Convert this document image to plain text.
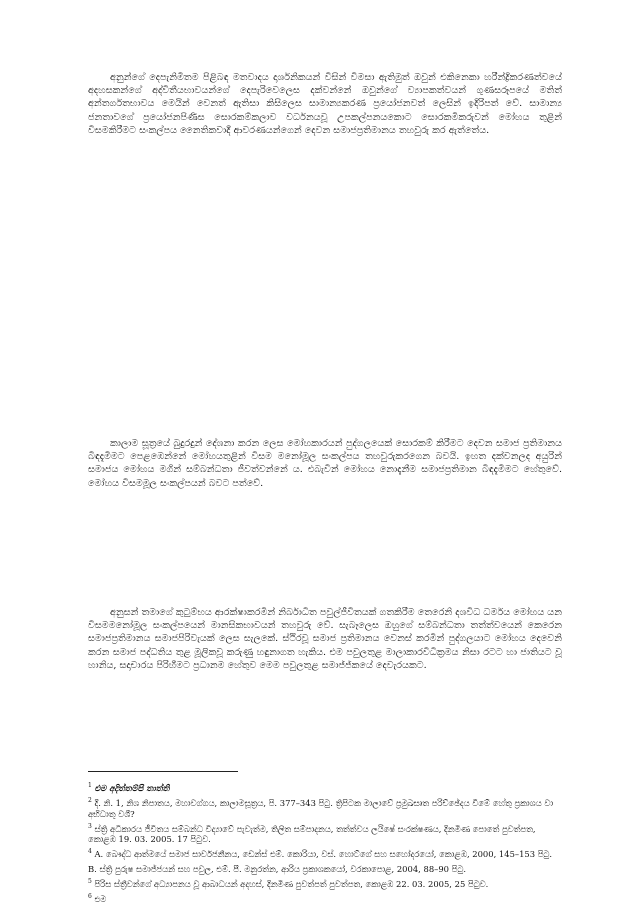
අනුන්ගේ දෙපැනිමිතම පිළිබඳ මතවාදය දාර්ශනිකයන් විසින් විමසා ඇතිමුත් ඔවුන් එකිනෙකා හරීන්ද්‍රිකරණත්වයේ අදහසකන්ගේ අද්විතීයභාවයන්ගේ දෙපැරිවෙලෙස දක්වන්නේ ඔවුන්ගේ ව්‍යාපකත්වයන් ගුණසරූපයේ මතිත් අන්තර්ගතභාවය මෙයින් වෙනත් ඇතිසා කිසිලෙස සාමාන්‍යකරණ ප්‍රයෝජනවත් ලෙසින් ඉදිරිපත් වේ. සාමාන්‍ය ජනතාවගේ ප්‍රයෝජනපිණිස සොරකම්කලාව වර්ධනයවූ උපකල්පනයකොට සොරකමිකරුවන් මෝහය තුළින් විසමකිරීමට සංකල්පය නෛතිකවාදී ආවරණයන්ගෙන් දෙවන සමාජප්‍රතිමානය තහවුරු කර ඇත්තේය.

කාලාම සූත්‍රයේ බුදුරදුන් දේශනා කරන ලෙස මෝහකාරයන් පුද්ගලයෙක් සොරකම් කිරීමට දෙවන සමාජ ප්‍රතිමානය බිඳදැමීමට පෙළඹෙන්නේ මෝහයතුළින් විසම මනෝමූල සංකල්පය තහවුරුකරගෙන බවයි. ඉහත දක්වනලද අයුරින් සමාජය මෝහය මගින් සම්බන්ධතා ජීවත්වන්නේ ය. එබැවින් මෝහය නොදැනීම සමාජප්‍රතිමාන බිඳදැමීමට හේතුවේ. මෝහය විසමමූල සංකල්පයන් බවට පත්වේ.

අනුසන් තමාගේ කුටුම්භය ආරක්ෂාකරමින් නිර්බාධිත පවුල්ජීවිතයක් ගතකිරීම තෙරෙනි දශවිධ ධර්මය මෝහය යන විසමමනෝමූල සංකල්පයෙන් මානසිකභාවයන් තහවුරු වේ. සැබෑලෙස ඔහුගේ සම්බන්ධතා තත්ත්වයෙන් කෙරෙන සමාජප්‍රතිමානය සමාජපිරිවැයක් ලෙස සැලකේ. ස්ථිරවූ සමාජ ප්‍රතිමානය වෙනස් කරමින් පුද්ගලයාට මෝහය දෙවෙනි කරන සමාජ පද්ධතිය තුළ මූලිකවූ කරුණු හඳුනාගත හැකිය. එම පවුලතුළ මාලාකාරවිධික්‍රමය නිසා රටට හා ජාතියට වූ හානිය, සදාචාරය පිරිහීමට ප්‍රධානම හේතුව මෙම පවුලතුළ සමාජ්ජ්කයේ දෙවැරයකට.

$^1$ එම අදිත්තම්පි තාත්ති

$^2$ දී. නි. 1, නිශ නිපාතය, මහාවග්ගය, කාලාමසූත්‍රය, පි. 377–343 පිටු. ත්‍රිපිටක මාලාවේ ප්‍රමුඛසෘත පරිච්ඡේදය වීමේ හේතු ප්‍රකාශය වා අභිධාතු වශී?

$^3$ ස්ත්‍රි අධිකාරය ජීවිතය සම්බන්ධ විද්‍යාවේ පැවැත්ම, තිලිත සම්පාදනය, තත්ත්වය ලයිෂේ සංරක්ෂණය, දිනමිණ පොතේ පුවත්පත, කොළඹ 19. 03. 2005. 17 පිටුව.

$^4$ A. බෞද්ධ ආත්මයේ සමාජ සාර්වජනීනය, ඩෙන්ස් එම්. කොරියා, වස්. හොට්ගේ සහ සහෝදරයෝ, කොළඹ, 2000, 145–153 පිටු.

B. ස්ත්‍රි පුරුෂ සමාජ්ජයන් සහ පවුල, එම්. පී. මනුරත්න, ආරිය ප්‍රකාශකයෝ, වරකාපොළ, 2004, 88–90 පිටු.

$^5$ පිරිස ස්ත්‍රීවන්ගේ අධ්‍යාපනය වූ ආබාධයන් අදහස්, දිනමිණ පුවත්පත් පුවත්පත, කොළඹ 22. 03. 2005, 25 පිටුව.

$^6$ එම
